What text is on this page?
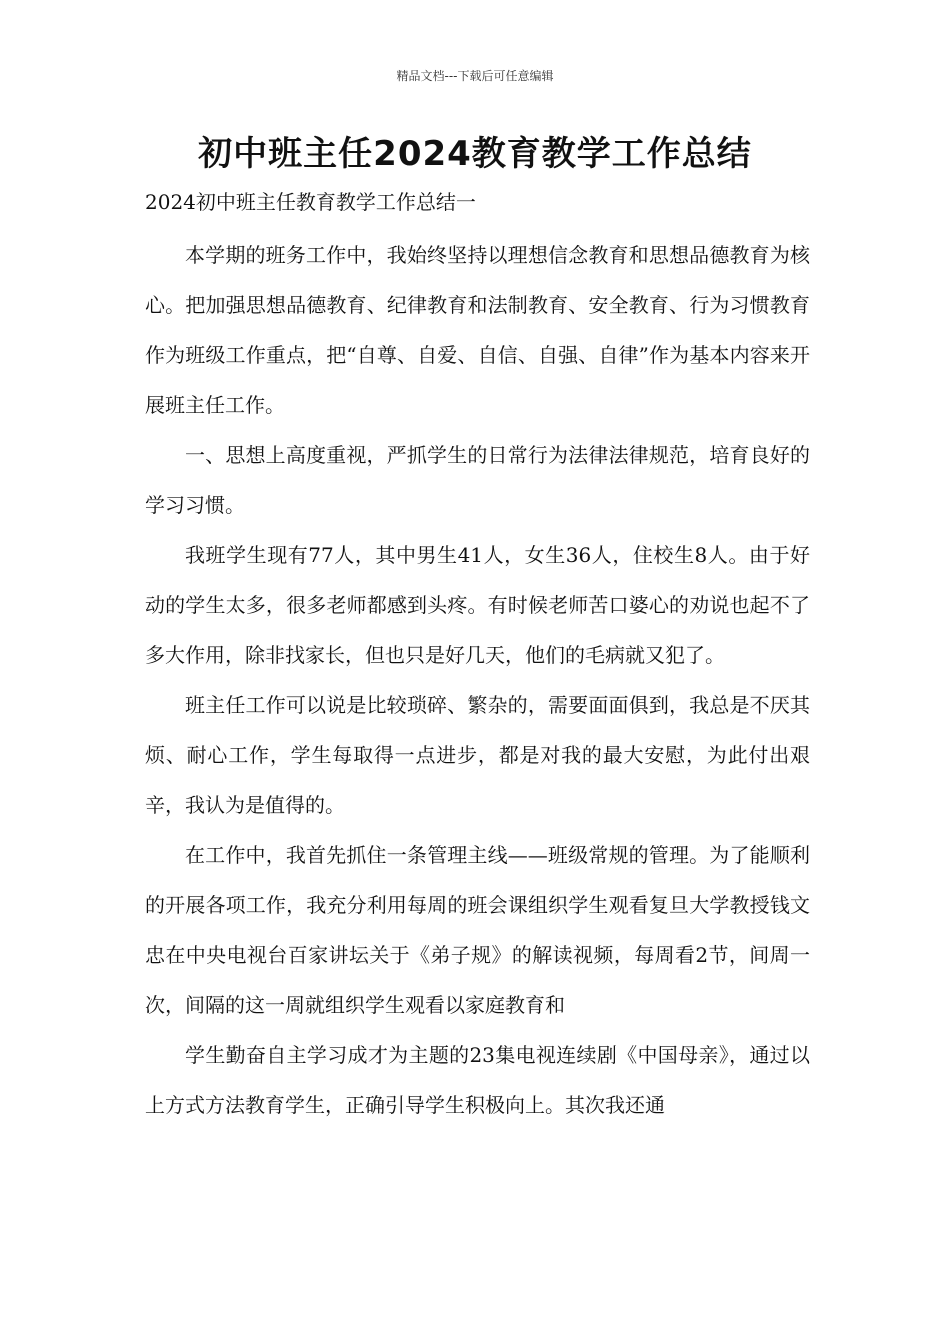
精品文档---下载后可任意编辑
初中班主任2024教育教学工作总结

2024初中班主任教育教学工作总结一

本学期的班务工作中，我始终坚持以理想信念教育和思想品德教育为核心。把加强思想品德教育、纪律教育和法制教育、安全教育、行为习惯教育作为班级工作重点，把“自尊、自爱、自信、自强、自律”作为基本内容来开展班主任工作。

一、思想上高度重视，严抓学生的日常行为法律法律规范，培育良好的学习习惯。

我班学生现有77人，其中男生41人，女生36人，住校生8人。由于好动的学生太多，很多老师都感到头疼。有时候老师苦口婆心的劝说也起不了多大作用，除非找家长，但也只是好几天，他们的毛病就又犯了。

班主任工作可以说是比较琐碎、繁杂的，需要面面俱到，我总是不厌其烦、耐心工作，学生每取得一点进步，都是对我的最大安慰，为此付出艰辛，我认为是值得的。

在工作中，我首先抓住一条管理主线——班级常规的管理。为了能顺利的开展各项工作，我充分利用每周的班会课组织学生观看复旦大学教授钱文忠在中央电视台百家讲坛关于《弟子规》的解读视频，每周看2节，间周一次，间隔的这一周就组织学生观看以家庭教育和

学生勤奋自主学习成才为主题的23集电视连续剧《中国母亲》，通过以上方式方法教育学生，正确引导学生积极向上。其次我还通
